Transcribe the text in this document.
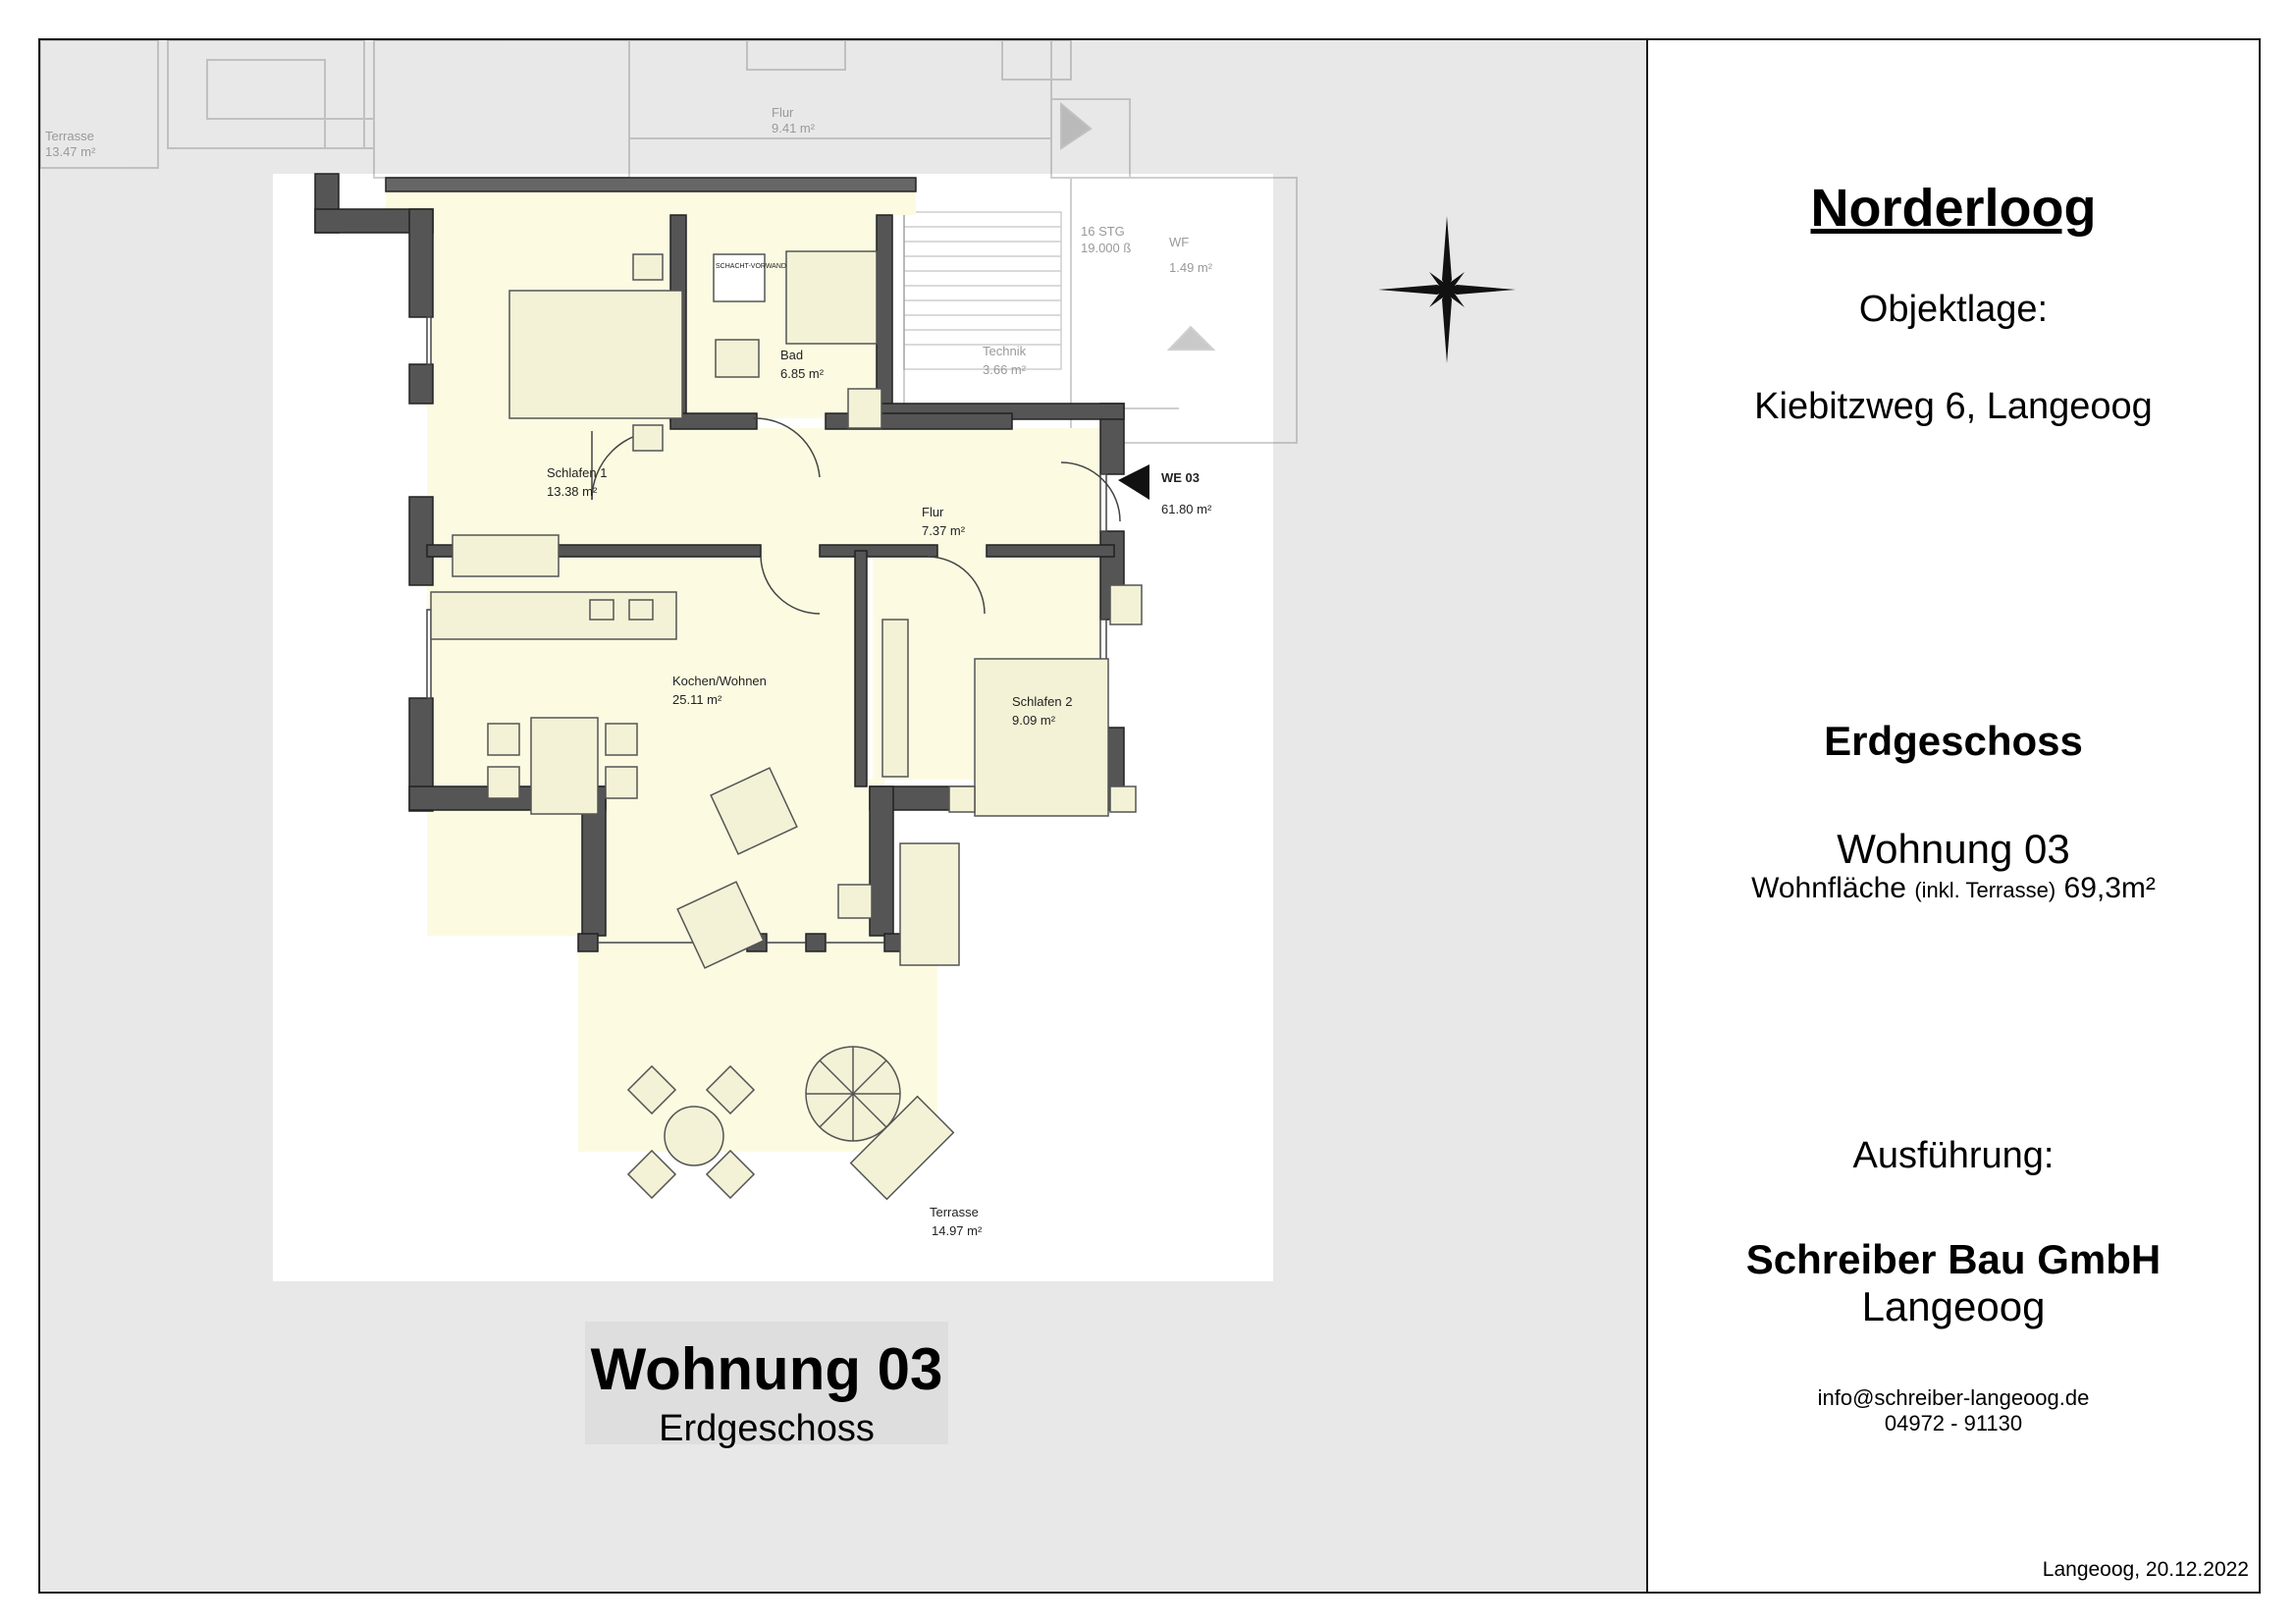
Terrasse
13.47 m²
Flur
9.41 m²
16 STG
19.000 ß	WF
1.49 m²
Technik
3.66 m²
SCHACHT-VORWAND
Schlafen 1
13.38 m²
Bad
6.85 m²
Flur
7.37 m²
Kochen/Wohnen
25.11 m²	Schlafen 2
9.09 m²
Terrasse
14.97 m²
WE 03
61.80 m²
Wohnung 03
Erdgeschoss
Norderloog
Objektlage:
Kiebitzweg 6, Langeoog
Erdgeschoss
Wohnung 03
Wohnfläche (inkl. Terrasse) 69,3m²
Ausführung:
Schreiber Bau GmbH
Langeoog
info@schreiber-langeoog.de
04972 - 91130
Langeoog, 20.12.2022
